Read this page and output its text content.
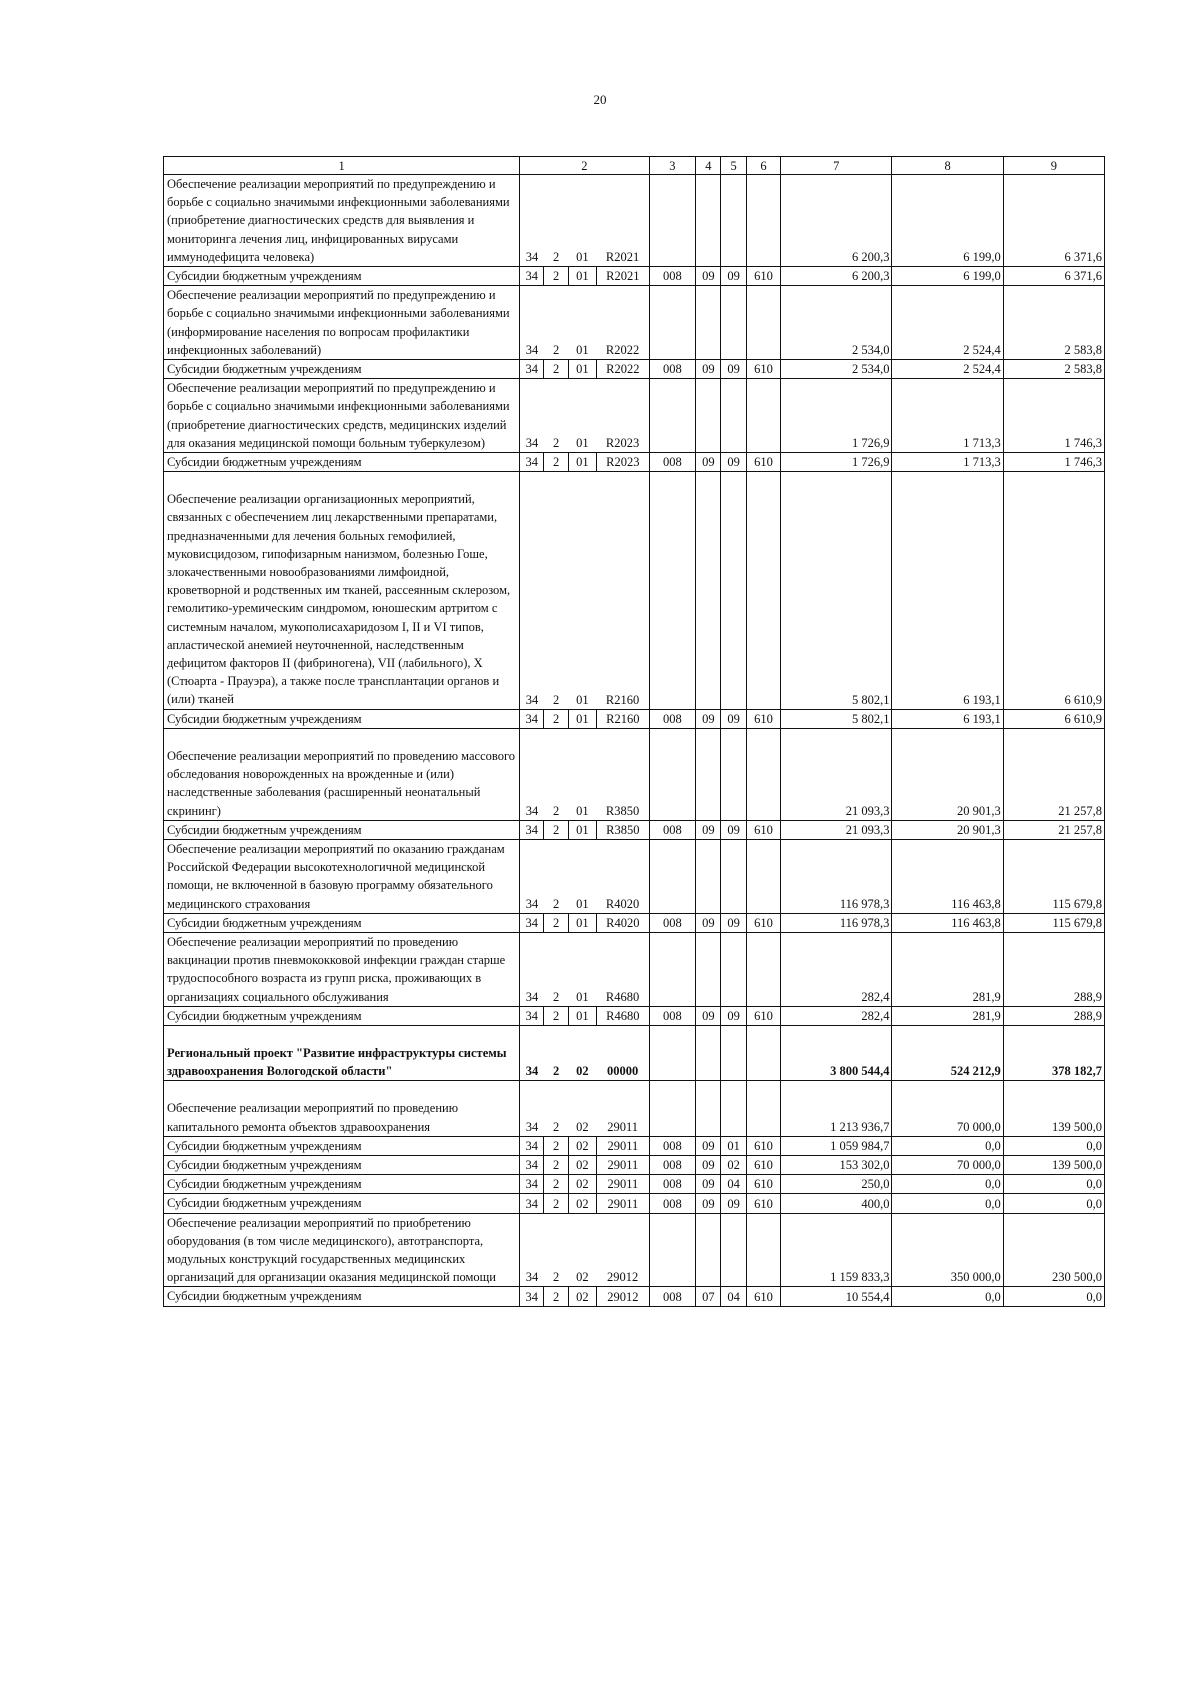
20
1	2				3	4	5	6	7	8	9
Обеспечение реализации мероприятий по предупреждению и борьбе с социально значимыми инфекционными заболеваниями (приобретение диагностических средств для выявления и мониторинга лечения лиц, инфицированных вирусами иммунодефицита человека)	34	2	01	R2021					6 200,3	6 199,0	6 371,6
Субсидии бюджетным учреждениям	34	2	01	R2021	008	09	09	610	6 200,3	6 199,0	6 371,6
Обеспечение реализации мероприятий по предупреждению и борьбе с социально значимыми инфекционными заболеваниями (информирование населения по вопросам профилактики инфекционных заболеваний)	34	2	01	R2022					2 534,0	2 524,4	2 583,8
Субсидии бюджетным учреждениям	34	2	01	R2022	008	09	09	610	2 534,0	2 524,4	2 583,8
Обеспечение реализации мероприятий по предупреждению и борьбе с социально значимыми инфекционными заболеваниями (приобретение диагностических средств, медицинских изделий для оказания медицинской помощи больным туберкулезом)	34	2	01	R2023					1 726,9	1 713,3	1 746,3
Субсидии бюджетным учреждениям	34	2	01	R2023	008	09	09	610	1 726,9	1 713,3	1 746,3
Обеспечение реализации организационных мероприятий, связанных с обеспечением лиц лекарственными препаратами, предназначенными для лечения больных гемофилией, муковисцидозом, гипофизарным нанизмом, болезнью Гоше, злокачественными новообразованиями лимфоидной, кроветворной и родственных им тканей, рассеянным склерозом, гемолитико-уремическим синдромом, юношеским артритом с системным началом, мукополисахаридозом I, II и VI типов, апластической анемией неуточненной, наследственным дефицитом факторов II (фибриногена), VII (лабильного), X (Стюарта - Прауэра), а также после трансплантации органов и (или) тканей	34	2	01	R2160					5 802,1	6 193,1	6 610,9
Субсидии бюджетным учреждениям	34	2	01	R2160	008	09	09	610	5 802,1	6 193,1	6 610,9
Обеспечение реализации мероприятий по проведению массового обследования новорожденных на врожденные и (или) наследственные заболевания (расширенный неонатальный скрининг)	34	2	01	R3850					21 093,3	20 901,3	21 257,8
Субсидии бюджетным учреждениям	34	2	01	R3850	008	09	09	610	21 093,3	20 901,3	21 257,8
Обеспечение реализации мероприятий по оказанию гражданам Российской Федерации высокотехнологичной медицинской помощи, не включенной в базовую программу обязательного медицинского страхования	34	2	01	R4020					116 978,3	116 463,8	115 679,8
Субсидии бюджетным учреждениям	34	2	01	R4020	008	09	09	610	116 978,3	116 463,8	115 679,8
Обеспечение реализации мероприятий по проведению вакцинации против пневмококковой инфекции граждан старше трудоспособного возраста из групп риска, проживающих в организациях социального обслуживания	34	2	01	R4680					282,4	281,9	288,9
Субсидии бюджетным учреждениям	34	2	01	R4680	008	09	09	610	282,4	281,9	288,9
Региональный проект "Развитие инфраструктуры системы здравоохранения Вологодской области"	34	2	02	00000					3 800 544,4	524 212,9	378 182,7
Обеспечение реализации мероприятий по проведению капитального ремонта объектов здравоохранения	34	2	02	29011					1 213 936,7	70 000,0	139 500,0
Субсидии бюджетным учреждениям	34	2	02	29011	008	09	01	610	1 059 984,7	0,0	0,0
Субсидии бюджетным учреждениям	34	2	02	29011	008	09	02	610	153 302,0	70 000,0	139 500,0
Субсидии бюджетным учреждениям	34	2	02	29011	008	09	04	610	250,0	0,0	0,0
Субсидии бюджетным учреждениям	34	2	02	29011	008	09	09	610	400,0	0,0	0,0
Обеспечение реализации мероприятий по приобретению оборудования (в том числе медицинского), автотранспорта, модульных конструкций государственных медицинских организаций для организации оказания медицинской помощи	34	2	02	29012					1 159 833,3	350 000,0	230 500,0
Субсидии бюджетным учреждениям	34	2	02	29012	008	07	04	610	10 554,4	0,0	0,0
